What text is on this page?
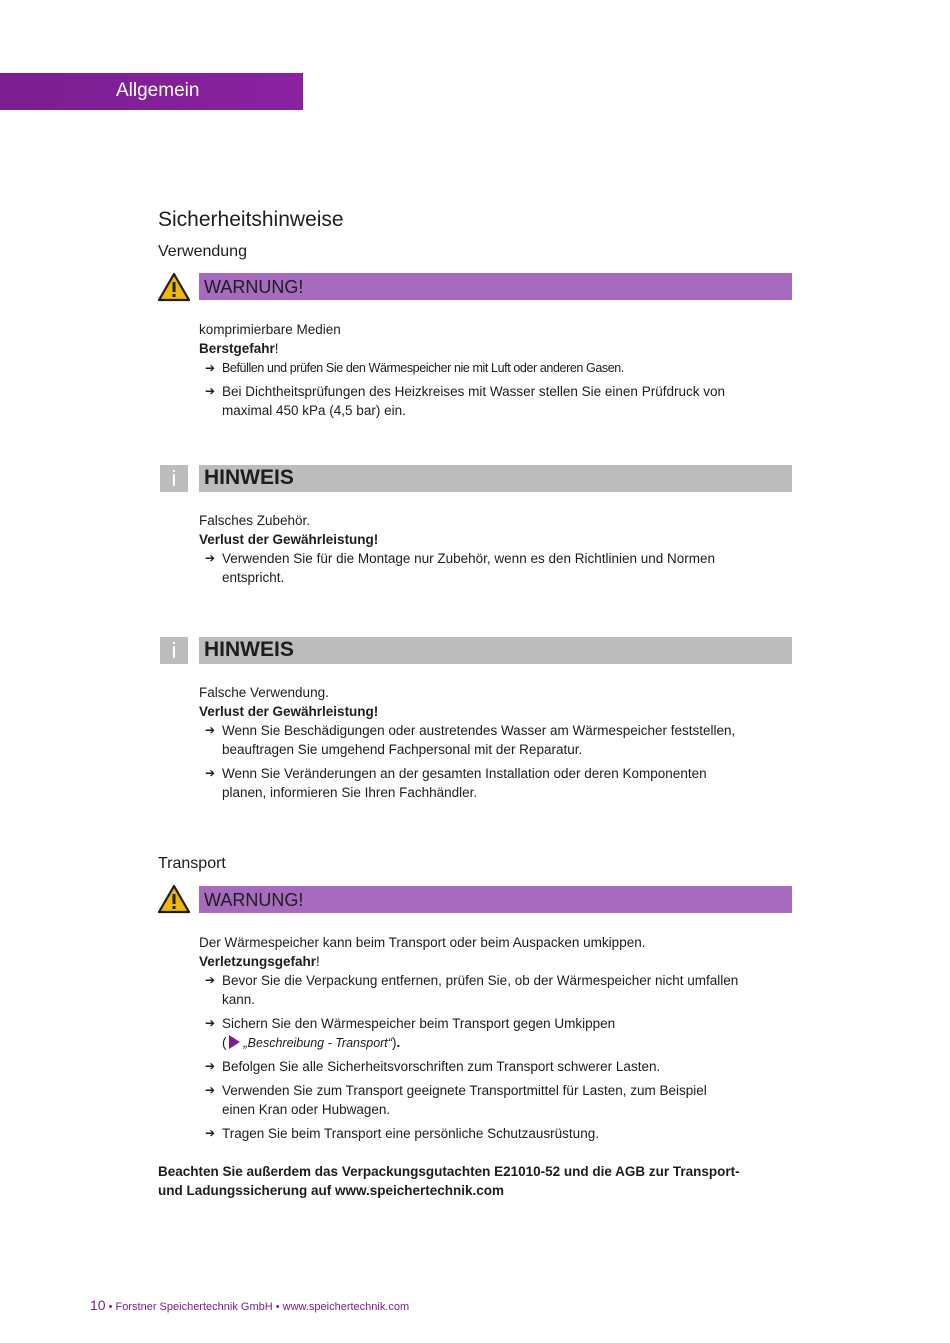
Allgemein
Sicherheitshinweise
Verwendung
WARNUNG!
komprimierbare Medien
Berstgefahr!
➔ Befüllen und prüfen Sie den Wärmespeicher nie mit Luft oder anderen Gasen.
➔ Bei Dichtheitsprüfungen des Heizkreises mit Wasser stellen Sie einen Prüfdruck von
maximal 450 kPa (4,5 bar) ein.
i	HINWEIS
Falsches Zubehör.
Verlust der Gewährleistung!
➔ Verwenden Sie für die Montage nur Zubehör, wenn es den Richtlinien und Normen
entspricht.
i	HINWEIS
Falsche Verwendung.
Verlust der Gewährleistung!
➔ Wenn Sie Beschädigungen oder austretendes Wasser am Wärmespeicher feststellen,
beauftragen Sie umgehend Fachpersonal mit der Reparatur.
➔ Wenn Sie Veränderungen an der gesamten Installation oder deren Komponenten
planen, informieren Sie Ihren Fachhändler.
Transport
WARNUNG!
Der Wärmespeicher kann beim Transport oder beim Auspacken umkippen.
Verletzungsgefahr!
➔ Bevor Sie die Verpackung entfernen, prüfen Sie, ob der Wärmespeicher nicht umfallen
kann.
➔ Sichern Sie den Wärmespeicher beim Transport gegen Umkippen
( „Beschreibung - Transport“).
➔ Befolgen Sie alle Sicherheitsvorschriften zum Transport schwerer Lasten.
➔ Verwenden Sie zum Transport geeignete Transportmittel für Lasten, zum Beispiel
einen Kran oder Hubwagen.
➔ Tragen Sie beim Transport eine persönliche Schutzausrüstung.
Beachten Sie außerdem das Verpackungsgutachten E21010-52 und die AGB zur Transport-
und Ladungssicherung auf www.speichertechnik.com
10 • Forstner Speichertechnik GmbH • www.speichertechnik.com
